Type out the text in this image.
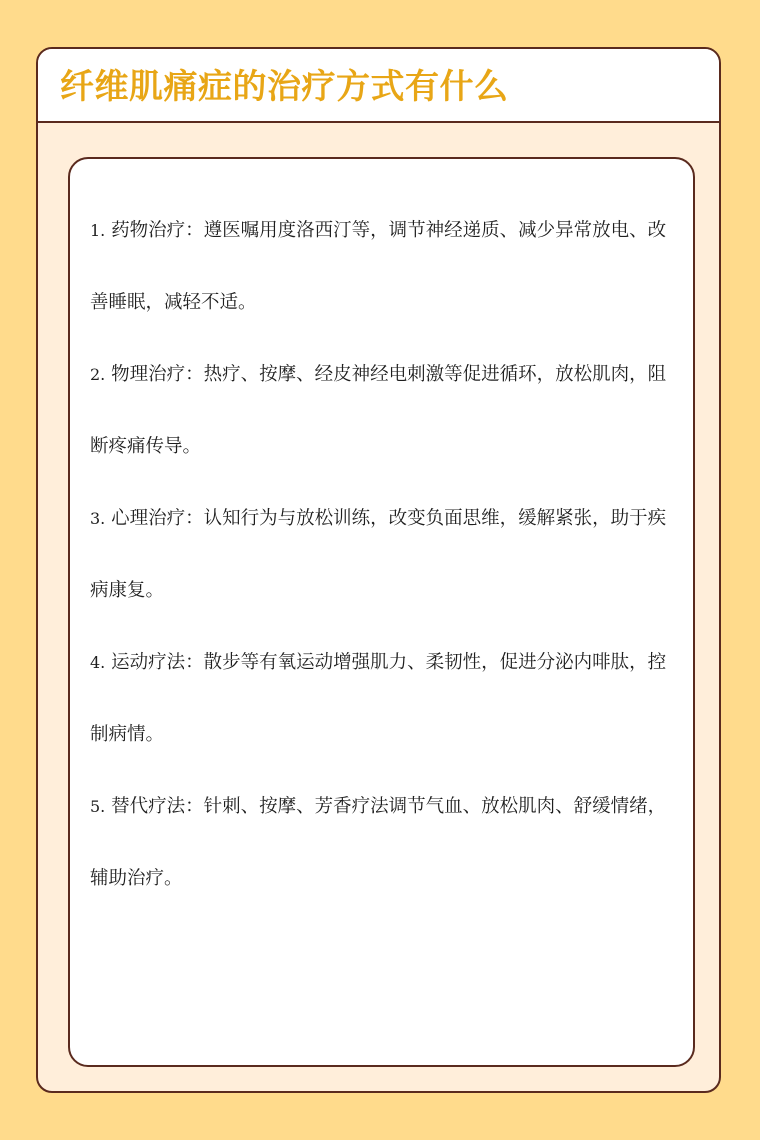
纤维肌痛症的治疗方式有什么
1. 药物治疗：遵医嘱用度洛西汀等，调节神经递质、减少异常放电、改善睡眠，减轻不适。
2. 物理治疗：热疗、按摩、经皮神经电刺激等促进循环，放松肌肉，阻断疼痛传导。
3. 心理治疗：认知行为与放松训练，改变负面思维，缓解紧张，助于疾病康复。
4. 运动疗法：散步等有氧运动增强肌力、柔韧性，促进分泌内啡肽，控制病情。
5. 替代疗法：针刺、按摩、芳香疗法调节气血、放松肌肉、舒缓情绪，辅助治疗。
